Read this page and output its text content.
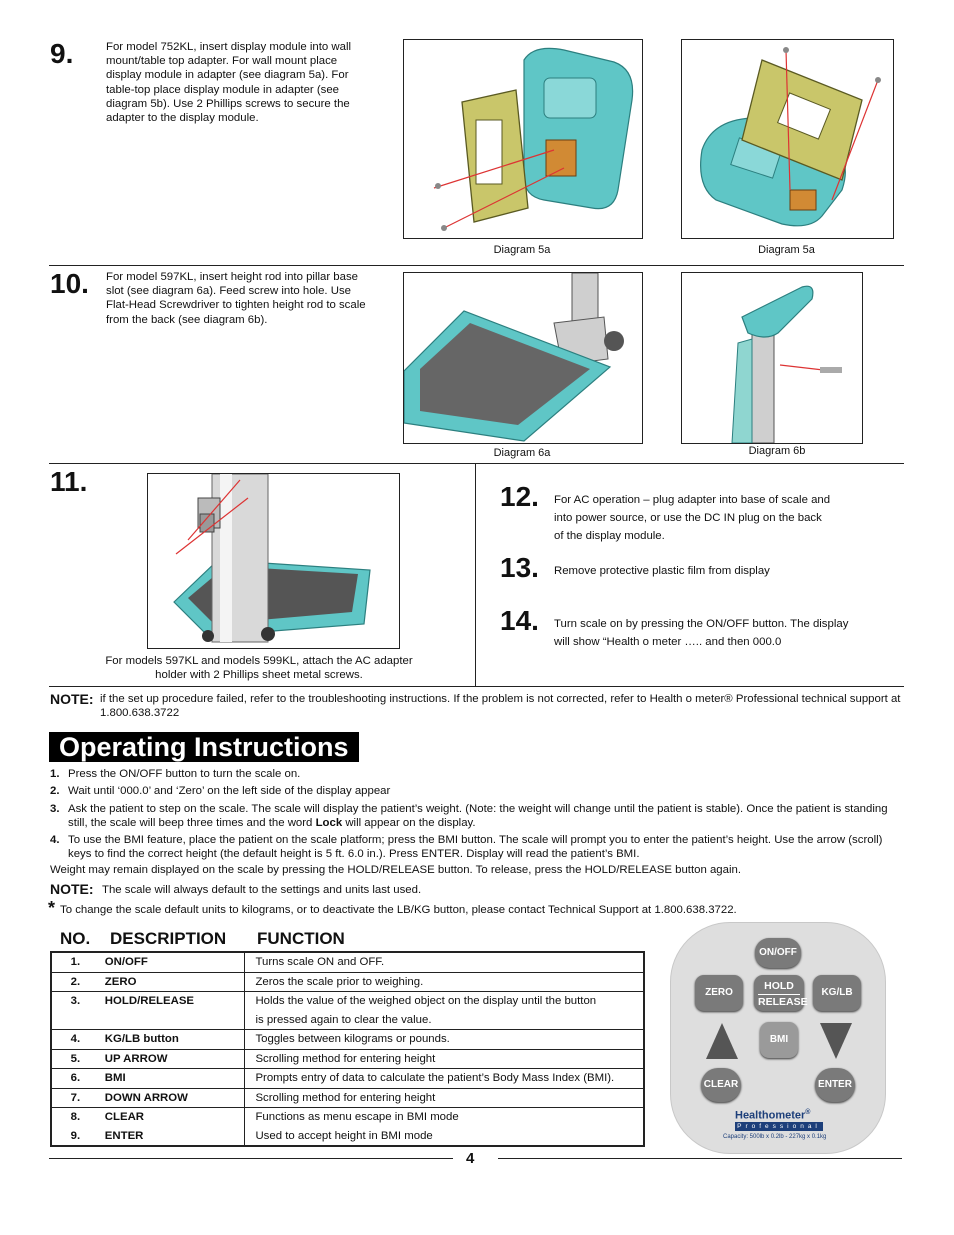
9.	For model 752KL, insert display module into wall mount/table top adapter. For wall mount place display module in adapter (see diagram 5a). For table-top place display module in adapter (see diagram 5b). Use 2 Phillips screws to secure the adapter to the display module.
Diagram 5a	Diagram 5a
10. For model 597KL, insert height rod into pillar base slot (see diagram 6a). Feed screw into hole. Use Flat-Head Screwdriver to tighten height rod to scale from the back (see diagram 6b).
Diagram 6a	Diagram 6b
11.
For models 597KL and models 599KL, attach the AC adapter holder with 2 Phillips sheet metal screws.
12. For AC operation – plug adapter into base of scale and into power source, or use the DC IN plug on the back of the display module.
13. Remove protective plastic film from display
14. Turn scale on by pressing the ON/OFF button. The display will show “Health o meter ….. and then 000.0
NOTE: if the set up procedure failed, refer to the troubleshooting instructions. If the problem is not corrected, refer to Health o meter® Professional technical support at 1.800.638.3722
Operating Instructions
1. Press the ON/OFF button to turn the scale on.
2. Wait until ‘000.0’ and ‘Zero’ on the left side of the display appear
3. Ask the patient to step on the scale. The scale will display the patient’s weight. (Note: the weight will change until the patient is stable). Once the patient is standing still, the scale will beep three times and the word Lock will appear on the display.
4. To use the BMI feature, place the patient on the scale platform; press the BMI button. The scale will prompt you to enter the patient’s height. Use the arrow (scroll) keys to find the correct height (the default height is 5 ft. 6.0 in.). Press ENTER. Display will read the patient’s BMI.
Weight may remain displayed on the scale by pressing the HOLD/RELEASE button. To release, press the HOLD/RELEASE button again.
NOTE: The scale will always default to the settings and units last used.
* To change the scale default units to kilograms, or to deactivate the LB/KG button, please contact Technical Support at 1.800.638.3722.
NO. DESCRIPTION FUNCTION
1.	ON/OFF	Turns scale ON and OFF.
2.	ZERO	Zeros the scale prior to weighing.
3.	HOLD/RELEASE	Holds the value of the weighed object on the display until the button
is pressed again to clear the value.

4.	KG/LB button	Toggles between kilograms or pounds.
5.	UP ARROW	Scrolling method for entering height
6.	BMI	Prompts entry of data to calculate the patient’s Body Mass Index (BMI).
7.	DOWN ARROW	Scrolling method for entering height
8.	CLEAR	Functions as menu escape in BMI mode
9.	ENTER	Used to accept height in BMI mode
ON/OFF
ZERO
HOLD
RELEASE
KG/LB
BMI
CLEAR	ENTER
Healthometer®
Professional
Capacity: 500lb x 0.2lb - 227kg x 0.1kg
4
